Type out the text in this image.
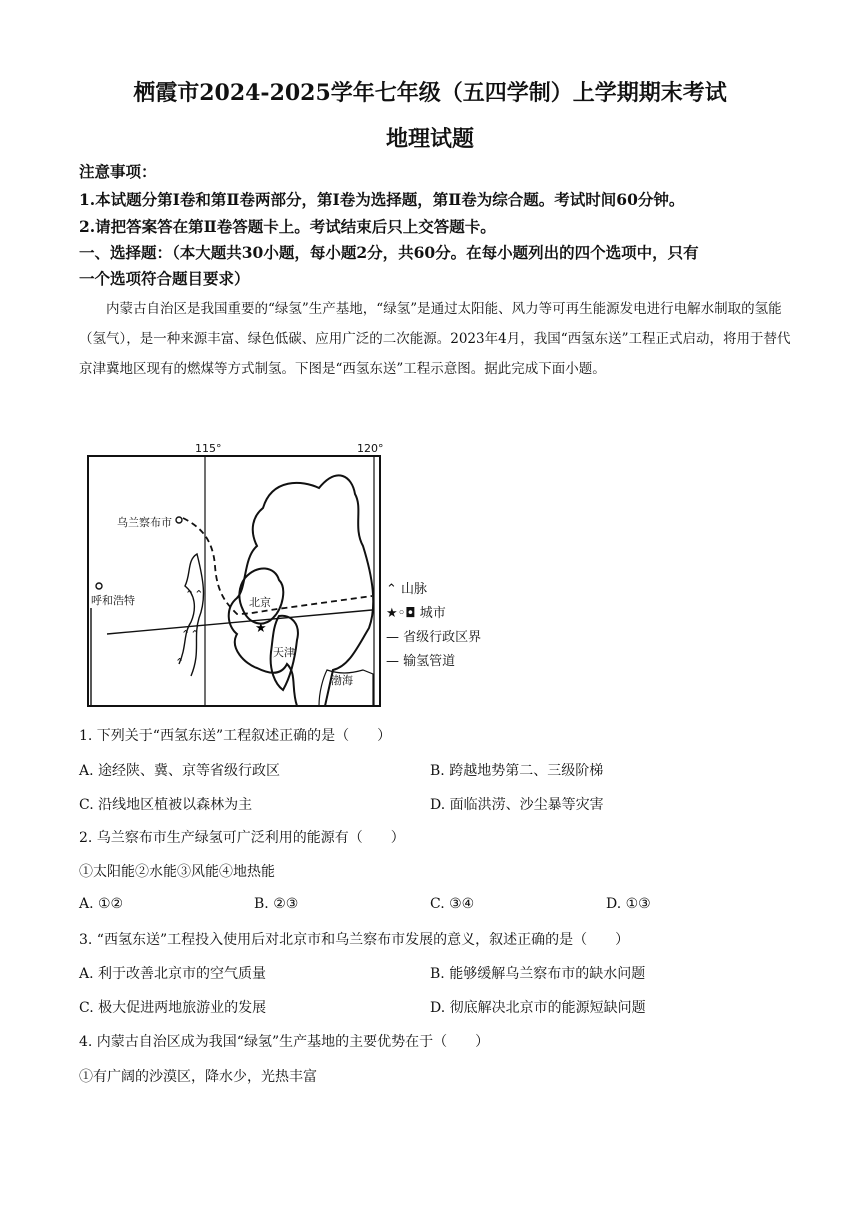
栖霞市2024-2025学年七年级（五四学制）上学期期末考试
地理试题
注意事项：
1.本试题分第Ⅰ卷和第Ⅱ卷两部分，第Ⅰ卷为选择题，第Ⅱ卷为综合题。考试时间60分钟。
2.请把答案答在第Ⅱ卷答题卡上。考试结束后只上交答题卡。
一、选择题：（本大题共30小题，每小题2分，共60分。在每小题列出的四个选项中，只有
一个选项符合题目要求）
内蒙古自治区是我国重要的“绿氢”生产基地，“绿氢”是通过太阳能、风力等可再生能源发电进行电解水制取的氢能（氢气），是一种来源丰富、绿色低碳、应用广泛的二次能源。2023年4月，我国“西氢东送”工程正式启动，将用于替代京津冀地区现有的燃煤等方式制氢。下图是“西氢东送”工程示意图。据此完成下面小题。
115°	120°
⌃⌃
⌃⌃
⌃
乌兰察布市
呼和浩特	北京
★
天津
渤海
⌃ 山脉
★◦◘ 城市
— 省级行政区界
— 输氢管道
1. 下列关于“西氢东送”工程叙述正确的是（　　）
A. 途经陕、冀、京等省级行政区	B. 跨越地势第二、三级阶梯
C. 沿线地区植被以森林为主	D. 面临洪涝、沙尘暴等灾害
2. 乌兰察布市生产绿氢可广泛利用的能源有（　　）
①太阳能②水能③风能④地热能
A. ①②	B. ②③	C. ③④	D. ①③
3. “西氢东送”工程投入使用后对北京市和乌兰察布市发展的意义，叙述正确的是（　　）
A. 利于改善北京市的空气质量	B. 能够缓解乌兰察布市的缺水问题
C. 极大促进两地旅游业的发展	D. 彻底解决北京市的能源短缺问题
4. 内蒙古自治区成为我国“绿氢”生产基地的主要优势在于（　　）
①有广阔的沙漠区，降水少，光热丰富
